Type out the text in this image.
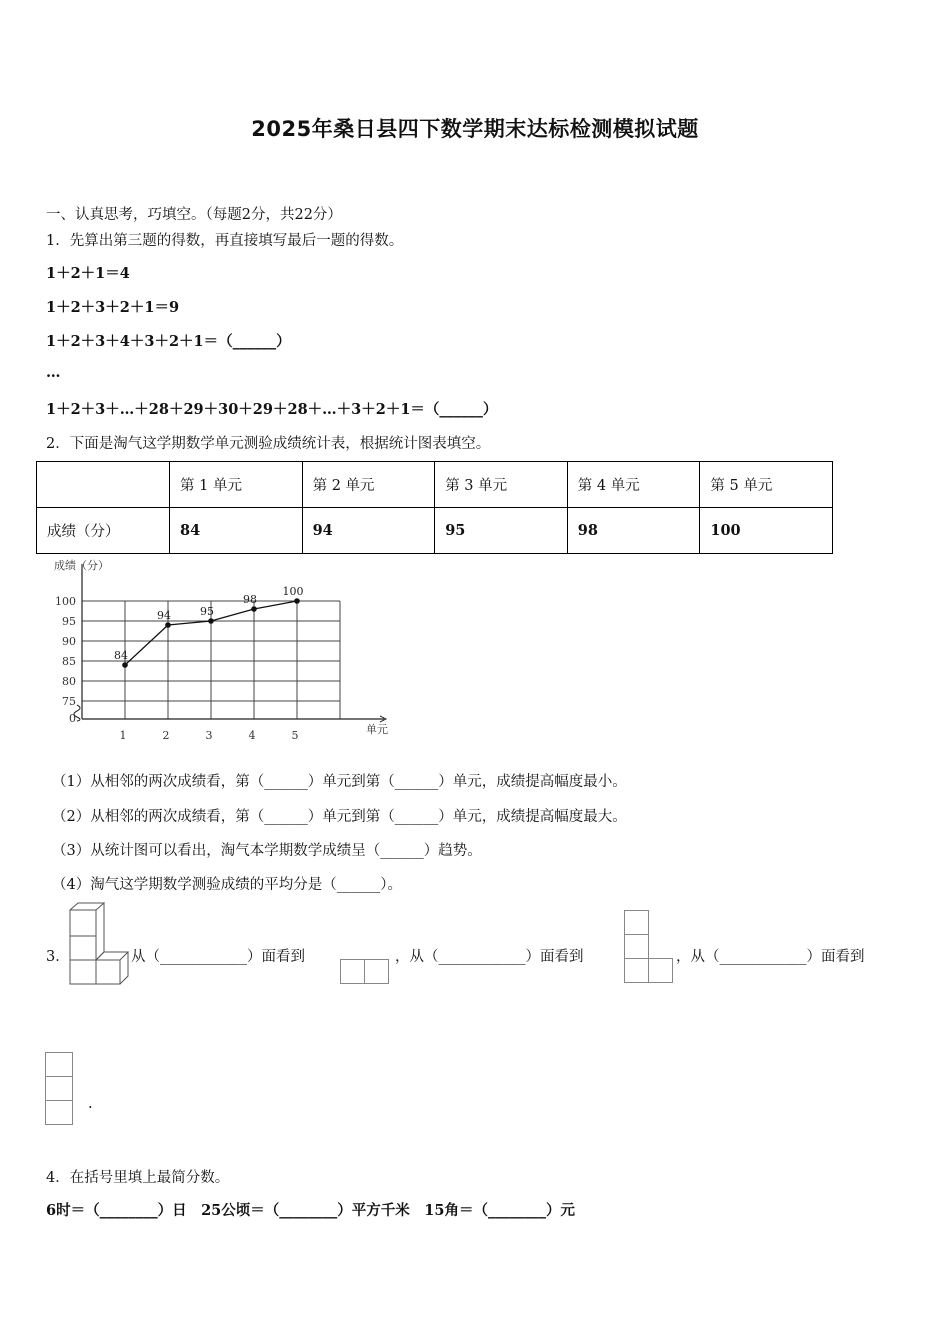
2025年桑日县四下数学期末达标检测模拟试题
一、认真思考，巧填空。（每题2分，共22分）
1．先算出第三题的得数，再直接填写最后一题的得数。
1＋2＋1＝4
1＋2＋3＋2＋1＝9
1＋2＋3＋4＋3＋2＋1＝（______）
…
1＋2＋3＋…＋28＋29＋30＋29＋28＋…＋3＋2＋1＝（______）
2．下面是淘气这学期数学单元测验成绩统计表，根据统计图表填空。
	第 1 单元	第 2 单元	第 3 单元	第 4 单元	第 5 单元
成绩（分）	84	94	95	98	100
成绩（分）
0
75
80
85
90
95
100
1	2	3	4	5	单元
84
94	95
98
100
（1）从相邻的两次成绩看，第（______）单元到第（______）单元，成绩提高幅度最小。
（2）从相邻的两次成绩看，第（______）单元到第（______）单元，成绩提高幅度最大。
（3）从统计图可以看出，淘气本学期数学成绩呈（______）趋势。
（4）淘气这学期数学测验成绩的平均分是（______）。
3．	从（____________）面看到	，从（____________）面看到	，从（____________）面看到
.
4．在括号里填上最简分数。
6时＝（________）日　25公顷＝（________）平方千米　15角＝（________）元
